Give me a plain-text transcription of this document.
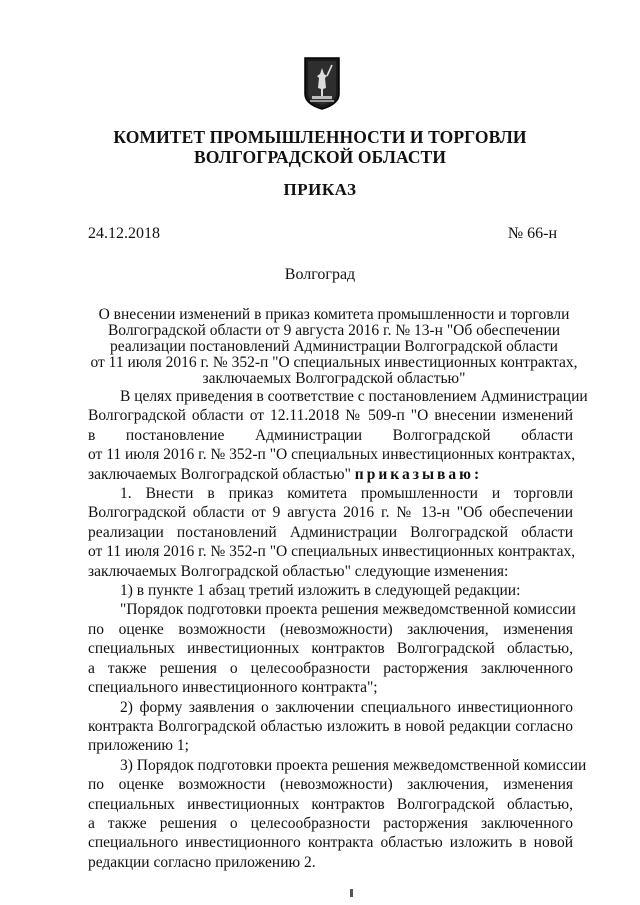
КОМИТЕТ ПРОМЫШЛЕННОСТИ И ТОРГОВЛИ
ВОЛГОГРАДСКОЙ ОБЛАСТИ
ПРИКАЗ
24.12.2018	№ 66-н
Волгоград
О внесении изменений в приказ комитета промышленности и торговли
Волгоградской области от 9 августа 2016 г. № 13-н "Об обеспечении
реализации постановлений Администрации Волгоградской области
от 11 июля 2016 г. № 352-п "О специальных инвестиционных контрактах,
заключаемых Волгоградской областью"
В целях приведения в соответствие с постановлением Администрации
Волгоградской области от 12.11.2018 № 509-п "О внесении изменений
в постановление Администрации Волгоградской области
от 11 июля 2016 г. № 352-п "О специальных инвестиционных контрактах,
заключаемых Волгоградской областью" приказываю:
1. Внести в приказ комитета промышленности и торговли
Волгоградской области от 9 августа 2016 г. № 13-н "Об обеспечении
реализации постановлений Администрации Волгоградской области
от 11 июля 2016 г. № 352-п "О специальных инвестиционных контрактах,
заключаемых Волгоградской областью" следующие изменения:
1) в пункте 1 абзац третий изложить в следующей редакции:
"Порядок подготовки проекта решения межведомственной комиссии
по оценке возможности (невозможности) заключения, изменения
специальных инвестиционных контрактов Волгоградской областью,
а также решения о целесообразности расторжения заключенного
специального инвестиционного контракта";
2) форму заявления о заключении специального инвестиционного
контракта Волгоградской областью изложить в новой редакции согласно
приложению 1;
3) Порядок подготовки проекта решения межведомственной комиссии
по оценке возможности (невозможности) заключения, изменения
специальных инвестиционных контрактов Волгоградской областью,
а также решения о целесообразности расторжения заключенного
специального инвестиционного контракта областью изложить в новой
редакции согласно приложению 2.
